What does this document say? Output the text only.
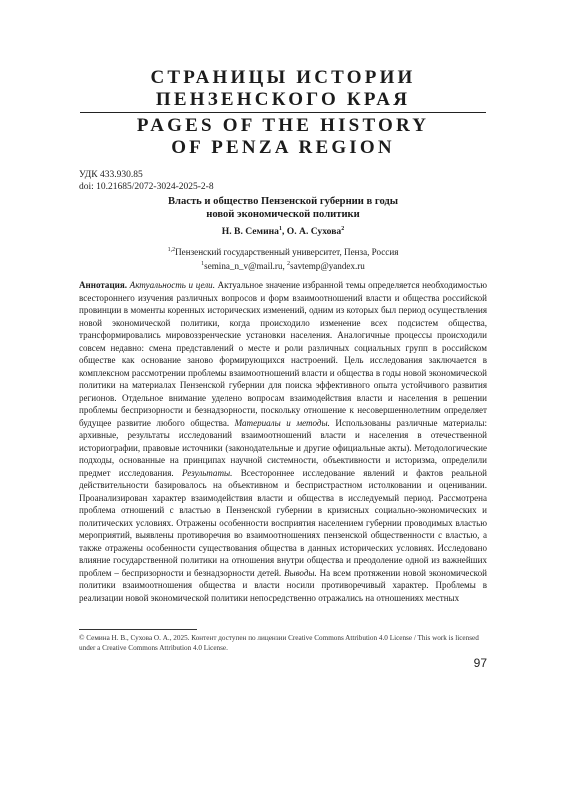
СТРАНИЦЫ ИСТОРИИ
ПЕНЗЕНСКОГО КРАЯ
PAGES OF THE HISTORY
OF PENZA REGION
УДК 433.930.85
doi: 10.21685/2072-3024-2025-2-8
Власть и общество Пензенской губернии в годы
новой экономической политики
Н. В. Семина$^1$, О. А. Сухова$^2$
$^{1,2}$Пензенский государственный университет, Пенза, Россия
$^1$semina_n_v@mail.ru, $^2$savtemp@yandex.ru
Аннотация. Актуальность и цели. Актуальное значение избранной темы определяется необходимостью всестороннего изучения различных вопросов и форм взаимоотношений власти и общества российской провинции в моменты коренных исторических изменений, одним из которых был период осуществления новой экономической политики, когда происходило изменение всех подсистем общества, трансформировались мировоззренческие установки населения. Аналогичные процессы происходили совсем недавно: смена представлений о месте и роли различных социальных групп в российском обществе как основание заново формирующихся настроений. Цель исследования заключается в комплексном рассмотрении проблемы взаимоотношений власти и общества в годы новой экономической политики на материалах Пензенской губернии для поиска эффективного опыта устойчивого развития регионов. Отдельное внимание уделено вопросам взаимодействия власти и населения в решении проблемы беспризорности и безнадзорности, поскольку отношение к несовершеннолетним определяет будущее развитие любого общества. Материалы и методы. Использованы различные материалы: архивные, результаты исследований взаимоотношений власти и населения в отечественной историографии, правовые источники (законодательные и другие официальные акты). Методологические подходы, основанные на принципах научной системности, объективности и историзма, определили предмет исследования. Результаты. Всестороннее исследование явлений и фактов реальной действительности базировалось на объективном и беспристрастном истолковании и оценивании. Проанализирован характер взаимодействия власти и общества в исследуемый период. Рассмотрена проблема отношений с властью в Пензенской губернии в кризисных социально-экономических и политических условиях. Отражены особенности восприятия населением губернии проводимых властью мероприятий, выявлены противоречия во взаимоотношениях пензенской общественности с властью, а также отражены особенности существования общества в данных исторических условиях. Исследовано влияние государственной политики на отношения внутри общества и преодоление одной из важнейших проблем – беспризорности и безнадзорности детей. Выводы. На всем протяжении новой экономической политики взаимоотношения общества и власти носили противоречивый характер. Проблемы в реализации новой экономической политики непосредственно отражались на отношениях местных
© Семина Н. В., Сухова О. А., 2025. Контент доступен по лицензии Creative Commons Attribution 4.0 License / This work is licensed under a Creative Commons Attribution 4.0 License.
97
